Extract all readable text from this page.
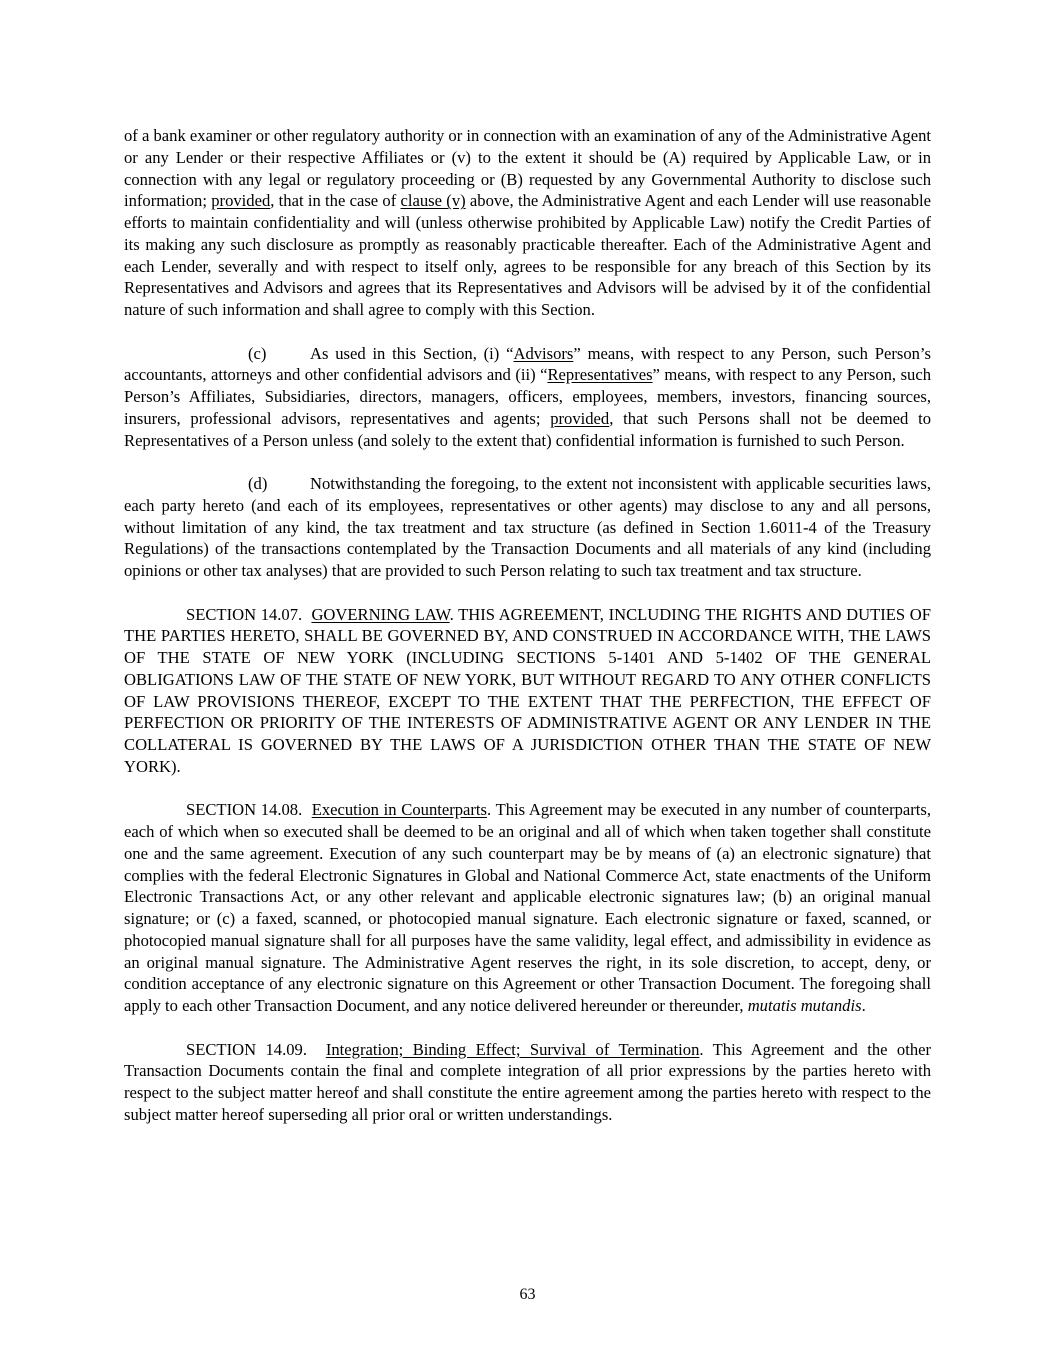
of a bank examiner or other regulatory authority or in connection with an examination of any of the Administrative Agent or any Lender or their respective Affiliates or (v) to the extent it should be (A) required by Applicable Law, or in connection with any legal or regulatory proceeding or (B) requested by any Governmental Authority to disclose such information; provided, that in the case of clause (v) above, the Administrative Agent and each Lender will use reasonable efforts to maintain confidentiality and will (unless otherwise prohibited by Applicable Law) notify the Credit Parties of its making any such disclosure as promptly as reasonably practicable thereafter. Each of the Administrative Agent and each Lender, severally and with respect to itself only, agrees to be responsible for any breach of this Section by its Representatives and Advisors and agrees that its Representatives and Advisors will be advised by it of the confidential nature of such information and shall agree to comply with this Section.

(c)	As used in this Section, (i) “Advisors” means, with respect to any Person, such Person’s accountants, attorneys and other confidential advisors and (ii) “Representatives” means, with respect to any Person, such Person’s Affiliates, Subsidiaries, directors, managers, officers, employees, members, investors, financing sources, insurers, professional advisors, representatives and agents; provided, that such Persons shall not be deemed to Representatives of a Person unless (and solely to the extent that) confidential information is furnished to such Person.

(d)	Notwithstanding the foregoing, to the extent not inconsistent with applicable securities laws, each party hereto (and each of its employees, representatives or other agents) may disclose to any and all persons, without limitation of any kind, the tax treatment and tax structure (as defined in Section 1.6011-4 of the Treasury Regulations) of the transactions contemplated by the Transaction Documents and all materials of any kind (including opinions or other tax analyses) that are provided to such Person relating to such tax treatment and tax structure.

SECTION 14.07. GOVERNING LAW. THIS AGREEMENT, INCLUDING THE RIGHTS AND DUTIES OF THE PARTIES HERETO, SHALL BE GOVERNED BY, AND CONSTRUED IN ACCORDANCE WITH, THE LAWS OF THE STATE OF NEW YORK (INCLUDING SECTIONS 5-1401 AND 5-1402 OF THE GENERAL OBLIGATIONS LAW OF THE STATE OF NEW YORK, BUT WITHOUT REGARD TO ANY OTHER CONFLICTS OF LAW PROVISIONS THEREOF, EXCEPT TO THE EXTENT THAT THE PERFECTION, THE EFFECT OF PERFECTION OR PRIORITY OF THE INTERESTS OF ADMINISTRATIVE AGENT OR ANY LENDER IN THE COLLATERAL IS GOVERNED BY THE LAWS OF A JURISDICTION OTHER THAN THE STATE OF NEW YORK).

SECTION 14.08. Execution in Counterparts. This Agreement may be executed in any number of counterparts, each of which when so executed shall be deemed to be an original and all of which when taken together shall constitute one and the same agreement. Execution of any such counterpart may be by means of (a) an electronic signature) that complies with the federal Electronic Signatures in Global and National Commerce Act, state enactments of the Uniform Electronic Transactions Act, or any other relevant and applicable electronic signatures law; (b) an original manual signature; or (c) a faxed, scanned, or photocopied manual signature. Each electronic signature or faxed, scanned, or photocopied manual signature shall for all purposes have the same validity, legal effect, and admissibility in evidence as an original manual signature. The Administrative Agent reserves the right, in its sole discretion, to accept, deny, or condition acceptance of any electronic signature on this Agreement or other Transaction Document. The foregoing shall apply to each other Transaction Document, and any notice delivered hereunder or thereunder, mutatis mutandis.

SECTION 14.09. Integration; Binding Effect; Survival of Termination. This Agreement and the other Transaction Documents contain the final and complete integration of all prior expressions by the parties hereto with respect to the subject matter hereof and shall constitute the entire agreement among the parties hereto with respect to the subject matter hereof superseding all prior oral or written understandings.

63
